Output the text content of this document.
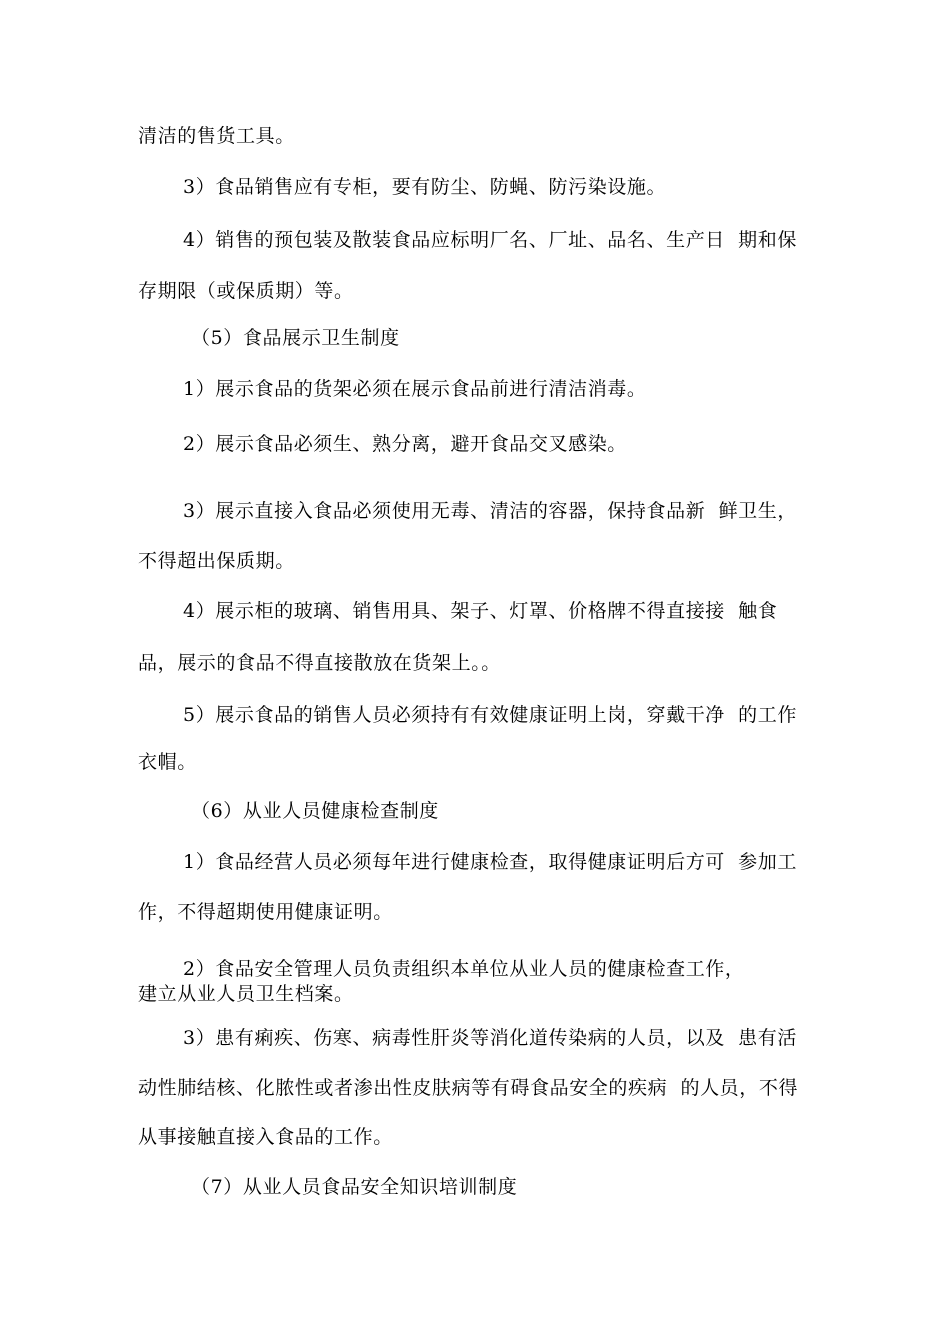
清洁的售货工具。
3）食品销售应有专柜，要有防尘、防蝇、防污染设施。
4）销售的预包装及散装食品应标明厂名、厂址、品名、生产日  期和保
存期限（或保质期）等。
（5）食品展示卫生制度
1）展示食品的货架必须在展示食品前进行清洁消毒。
2）展示食品必须生、熟分离，避开食品交叉感染。
3）展示直接入食品必须使用无毒、清洁的容器，保持食品新  鲜卫生，
不得超出保质期。
4）展示柜的玻璃、销售用具、架子、灯罩、价格牌不得直接接  触食
品，展示的食品不得直接散放在货架上。。
5）展示食品的销售人员必须持有有效健康证明上岗，穿戴干净  的工作
衣帽。
（6）从业人员健康检查制度
1）食品经营人员必须每年进行健康检查，取得健康证明后方可  参加工
作，不得超期使用健康证明。
2）食品安全管理人员负责组织本单位从业人员的健康检查工作，
建立从业人员卫生档案。
3）患有痢疾、伤寒、病毒性肝炎等消化道传染病的人员，以及  患有活
动性肺结核、化脓性或者渗出性皮肤病等有碍食品安全的疾病  的人员，不得
从事接触直接入食品的工作。
（7）从业人员食品安全知识培训制度
